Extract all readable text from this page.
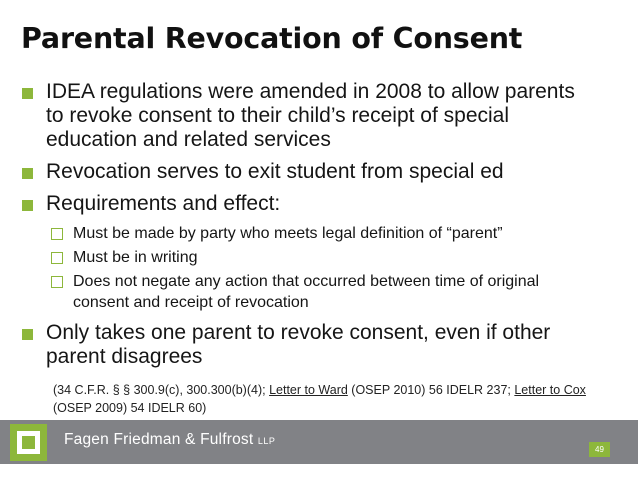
Parental Revocation of Consent
IDEA regulations were amended in 2008 to allow parents
to revoke consent to their child’s receipt of special
education and related services
Revocation serves to exit student from special ed
Requirements and effect:
Must be made by party who meets legal definition of “parent”
Must be in writing
Does not negate any action that occurred between time of original
consent and receipt of revocation
Only takes one parent to revoke consent, even if other
parent disagrees
(34 C.F.R. § § 300.9(c), 300.300(b)(4); Letter to Ward (OSEP 2010) 56 IDELR 237; Letter to Cox
(OSEP 2009) 54 IDELR 60)
Fagen Friedman & Fulfrost LLP
49
